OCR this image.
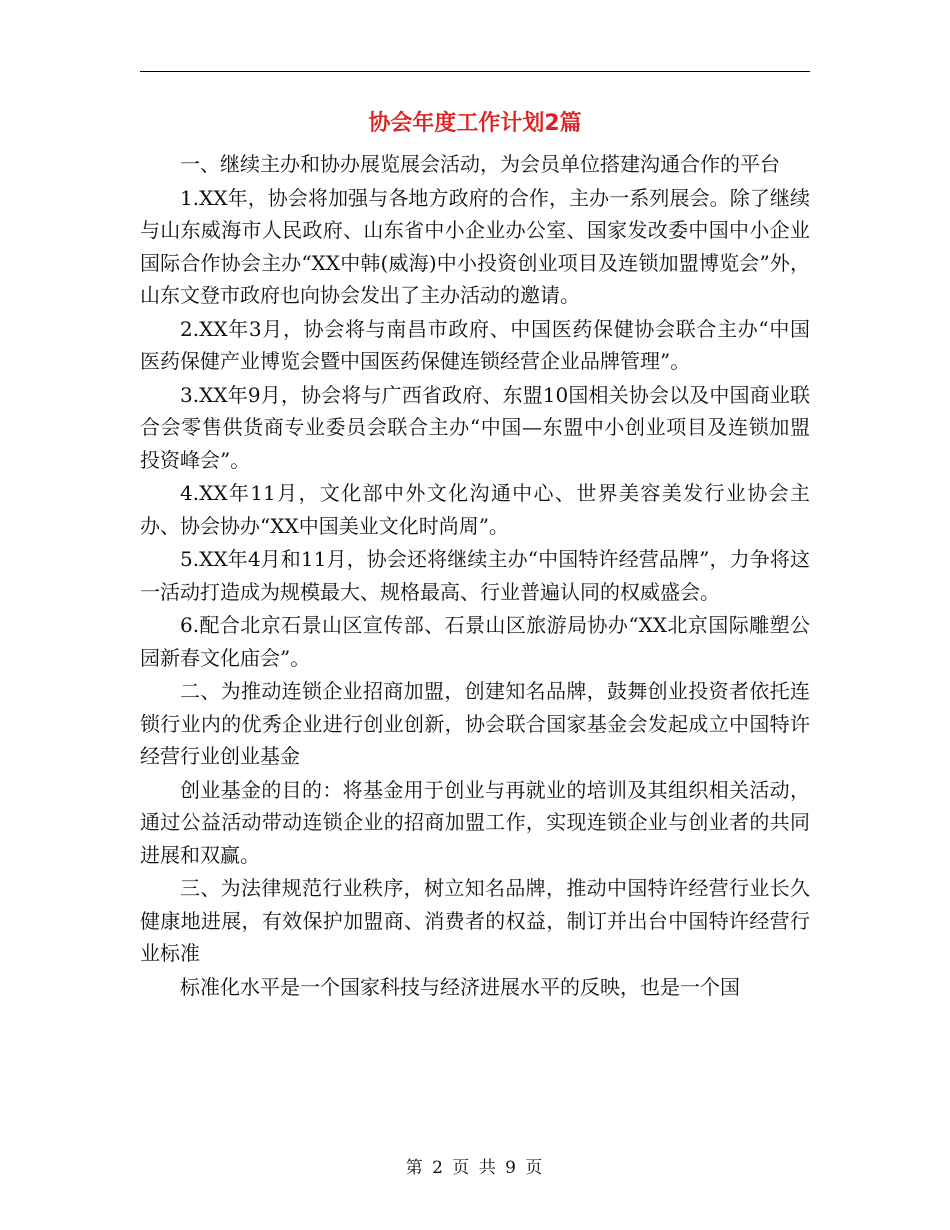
协会年度工作计划2篇

一、继续主办和协办展览展会活动，为会员单位搭建沟通合作的平台

1.XX年，协会将加强与各地方政府的合作，主办一系列展会。除了继续与山东威海市人民政府、山东省中小企业办公室、国家发改委中国中小企业国际合作协会主办“XX中韩(威海)中小投资创业项目及连锁加盟博览会”外，山东文登市政府也向协会发出了主办活动的邀请。

2.XX年3月，协会将与南昌市政府、中国医药保健协会联合主办“中国医药保健产业博览会暨中国医药保健连锁经营企业品牌管理”。

3.XX年9月，协会将与广西省政府、东盟10国相关协会以及中国商业联合会零售供货商专业委员会联合主办“中国—东盟中小创业项目及连锁加盟投资峰会”。

4.XX年11月，文化部中外文化沟通中心、世界美容美发行业协会主办、协会协办“XX中国美业文化时尚周”。

5.XX年4月和11月，协会还将继续主办“中国特许经营品牌”，力争将这一活动打造成为规模最大、规格最高、行业普遍认同的权威盛会。

6.配合北京石景山区宣传部、石景山区旅游局协办“XX北京国际雕塑公园新春文化庙会”。

二、为推动连锁企业招商加盟，创建知名品牌，鼓舞创业投资者依托连锁行业内的优秀企业进行创业创新，协会联合国家基金会发起成立中国特许经营行业创业基金

创业基金的目的：将基金用于创业与再就业的培训及其组织相关活动，通过公益活动带动连锁企业的招商加盟工作，实现连锁企业与创业者的共同进展和双赢。

三、为法律规范行业秩序，树立知名品牌，推动中国特许经营行业长久健康地进展，有效保护加盟商、消费者的权益，制订并出台中国特许经营行业标准

标准化水平是一个国家科技与经济进展水平的反映，也是一个国

第 2 页 共 9 页
